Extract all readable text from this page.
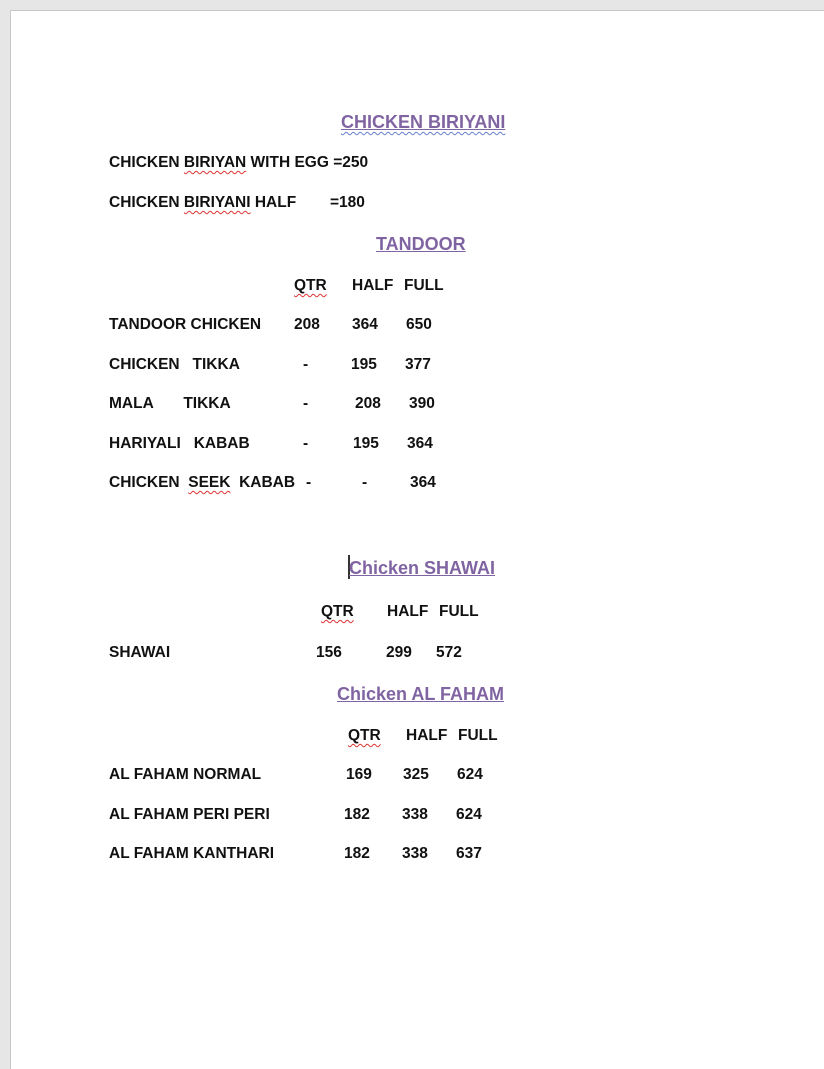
CHICKEN BIRIYANI
CHICKEN BIRIYAN WITH EGG =250
CHICKEN BIRIYANI HALF =180
TANDOOR
QTR HALF FULL
TANDOOR CHICKEN 208 364 650
CHICKEN   TIKKA	-	195 377
MALA       TIKKA	-	208 390
HARIYALI   KABAB	-	195 364
CHICKEN  SEEK  KABAB -	-	364
Chicken SHAWAI
QTR HALF FULL
SHAWAI	156	299 572
Chicken AL FAHAM
QTR HALF FULL
AL FAHAM NORMAL	169 325 624
AL FAHAM PERI PERI	182 338 624
AL FAHAM KANTHARI	182 338 637
